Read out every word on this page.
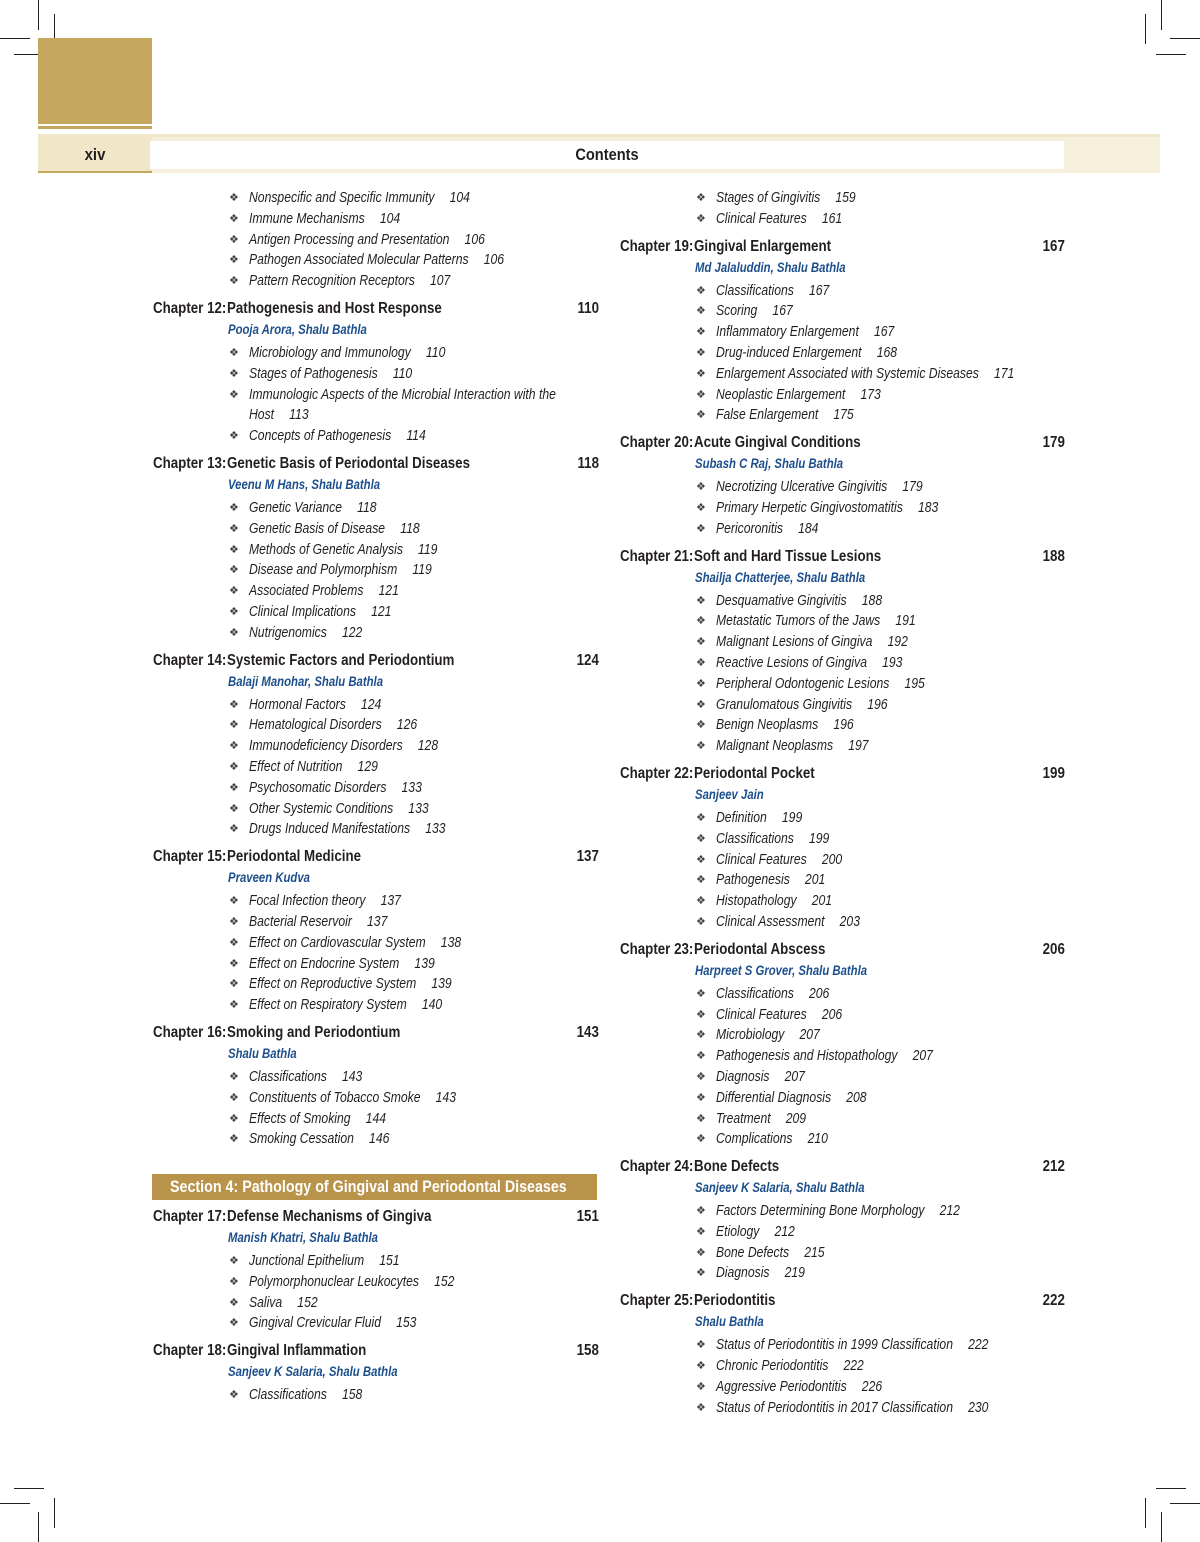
xiv	Contents
❖ Nonspecific and Specific Immunity 104
❖ Immune Mechanisms 104
❖ Antigen Processing and Presentation 106
❖ Pathogen Associated Molecular Patterns 106
❖ Pattern Recognition Receptors 107
Chapter 12: Pathogenesis and Host Response	110
Pooja Arora, Shalu Bathla
❖ Microbiology and Immunology 110
❖ Stages of Pathogenesis 110
❖ Immunologic Aspects of the Microbial Interaction with the Host 113
❖ Concepts of Pathogenesis 114
Chapter 13: Genetic Basis of Periodontal Diseases	118
Veenu M Hans, Shalu Bathla
❖ Genetic Variance 118
❖ Genetic Basis of Disease 118
❖ Methods of Genetic Analysis 119
❖ Disease and Polymorphism 119
❖ Associated Problems 121
❖ Clinical Implications 121
❖ Nutrigenomics 122
Chapter 14: Systemic Factors and Periodontium	124
Balaji Manohar, Shalu Bathla
❖ Hormonal Factors 124
❖ Hematological Disorders 126
❖ Immunodeficiency Disorders 128
❖ Effect of Nutrition 129
❖ Psychosomatic Disorders 133
❖ Other Systemic Conditions 133
❖ Drugs Induced Manifestations 133
Chapter 15: Periodontal Medicine	137
Praveen Kudva
❖ Focal Infection theory 137
❖ Bacterial Reservoir 137
❖ Effect on Cardiovascular System 138
❖ Effect on Endocrine System 139
❖ Effect on Reproductive System 139
❖ Effect on Respiratory System 140
Chapter 16: Smoking and Periodontium	143
Shalu Bathla
❖ Classifications 143
❖ Constituents of Tobacco Smoke 143
❖ Effects of Smoking 144
❖ Smoking Cessation 146
Section 4: Pathology of Gingival and Periodontal Diseases
Chapter 17: Defense Mechanisms of Gingiva	151
Manish Khatri, Shalu Bathla
❖ Junctional Epithelium 151
❖ Polymorphonuclear Leukocytes 152
❖ Saliva 152
❖ Gingival Crevicular Fluid 153
Chapter 18: Gingival Inflammation	158
Sanjeev K Salaria, Shalu Bathla
❖ Classifications 158
❖ Stages of Gingivitis 159
❖ Clinical Features 161
Chapter 19: Gingival Enlargement	167
Md Jalaluddin, Shalu Bathla
❖ Classifications 167
❖ Scoring 167
❖ Inflammatory Enlargement 167
❖ Drug-induced Enlargement 168
❖ Enlargement Associated with Systemic Diseases 171
❖ Neoplastic Enlargement 173
❖ False Enlargement 175
Chapter 20: Acute Gingival Conditions	179
Subash C Raj, Shalu Bathla
❖ Necrotizing Ulcerative Gingivitis 179
❖ Primary Herpetic Gingivostomatitis 183
❖ Pericoronitis 184
Chapter 21: Soft and Hard Tissue Lesions	188
Shailja Chatterjee, Shalu Bathla
❖ Desquamative Gingivitis 188
❖ Metastatic Tumors of the Jaws 191
❖ Malignant Lesions of Gingiva 192
❖ Reactive Lesions of Gingiva 193
❖ Peripheral Odontogenic Lesions 195
❖ Granulomatous Gingivitis 196
❖ Benign Neoplasms 196
❖ Malignant Neoplasms 197
Chapter 22: Periodontal Pocket	199
Sanjeev Jain
❖ Definition 199
❖ Classifications 199
❖ Clinical Features 200
❖ Pathogenesis 201
❖ Histopathology 201
❖ Clinical Assessment 203
Chapter 23: Periodontal Abscess	206
Harpreet S Grover, Shalu Bathla
❖ Classifications 206
❖ Clinical Features 206
❖ Microbiology 207
❖ Pathogenesis and Histopathology 207
❖ Diagnosis 207
❖ Differential Diagnosis 208
❖ Treatment 209
❖ Complications 210
Chapter 24: Bone Defects	212
Sanjeev K Salaria, Shalu Bathla
❖ Factors Determining Bone Morphology 212
❖ Etiology 212
❖ Bone Defects 215
❖ Diagnosis 219
Chapter 25: Periodontitis	222
Shalu Bathla
❖ Status of Periodontitis in 1999 Classification 222
❖ Chronic Periodontitis 222
❖ Aggressive Periodontitis 226
❖ Status of Periodontitis in 2017 Classification 230
